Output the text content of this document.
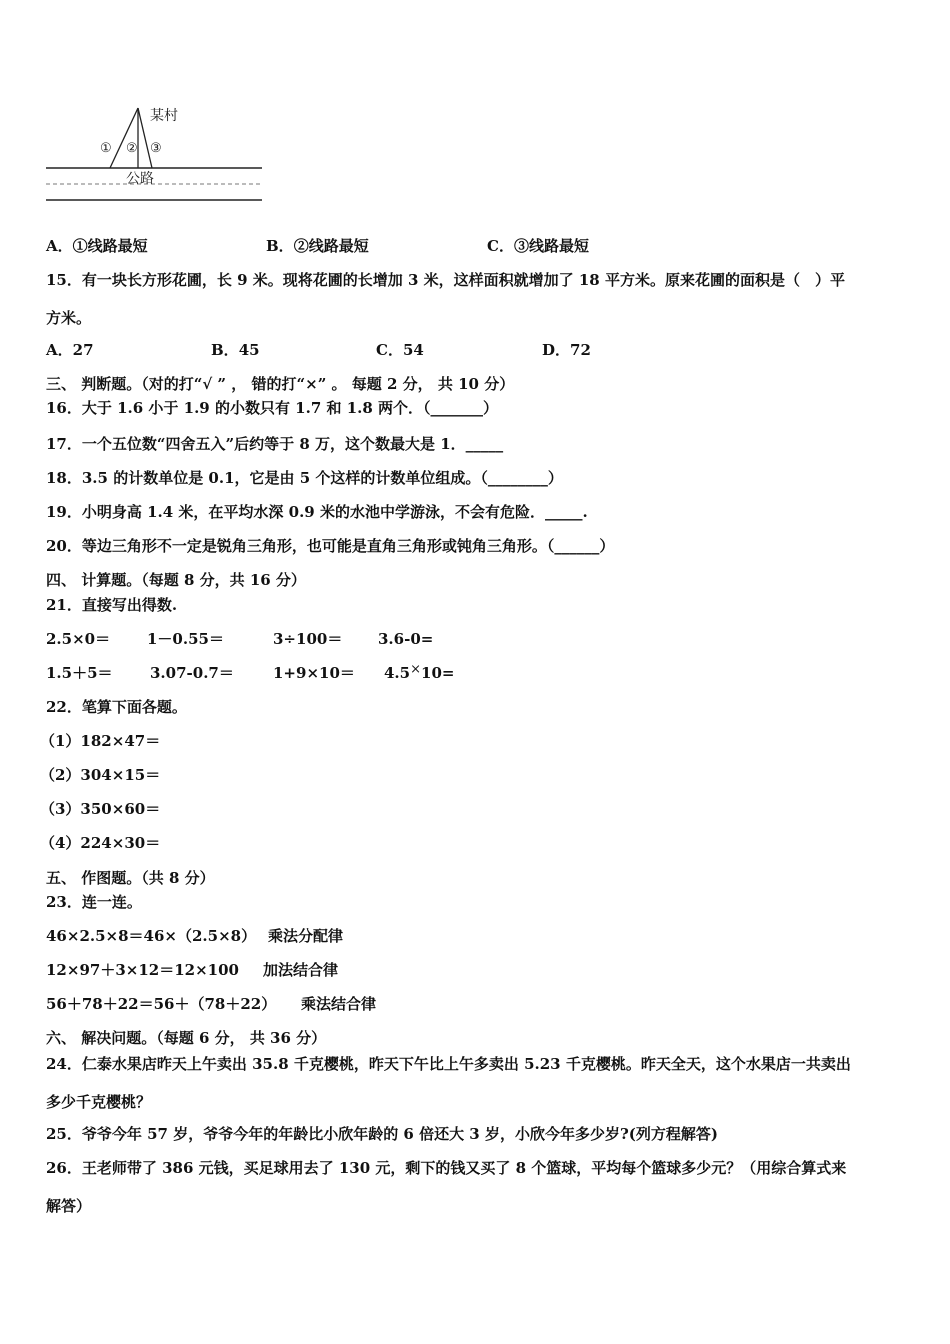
某村
① ② ③
公路
A．①线路最短	B．②线路最短	C．③线路最短
15．有一块长方形花圃，长 9 米。现将花圃的长增加 3 米，这样面积就增加了 18 平方米。原来花圃的面积是（　）平
方米。
A．27	B．45	C．54	D．72
三、 判断题。（对的打“√ ” ， 错的打“×” 。 每题 2 分， 共 10 分）
16．大于 1.6 小于 1.9 的小数只有 1.7 和 1.8 两个．（_______）
17．一个五位数“四舍五入”后约等于 8 万，这个数最大是 1．_____
18．3.5 的计数单位是 0.1，它是由 5 个这样的计数单位组成。（________）
19．小明身高 1.4 米，在平均水深 0.9 米的水池中学游泳，不会有危险．_____.
20．等边三角形不一定是锐角三角形，也可能是直角三角形或钝角三角形。（______）
四、 计算题。（每题 8 分，共 16 分）
21．直接写出得数.
2.5×0＝ 1－0.55＝	3÷100＝ 3.6-0=
1.5＋5＝ 3.07-0.7＝	1+9×10＝ 4.5×10=
22．笔算下面各题。
（1）182×47＝
（2）304×15＝
（3）350×60＝
（4）224×30＝
五、 作图题。（共 8 分）
23．连一连。
46×2.5×8＝46×（2.5×8） 乘法分配律
12×97＋3×12＝12×100 加法结合律
56＋78＋22＝56＋（78＋22） 乘法结合律
六、 解决问题。（每题 6 分， 共 36 分）
24．仁泰水果店昨天上午卖出 35.8 千克樱桃，昨天下午比上午多卖出 5.23 千克樱桃。昨天全天，这个水果店一共卖出
多少千克樱桃？
25．爷爷今年 57 岁，爷爷今年的年龄比小欣年龄的 6 倍还大 3 岁，小欣今年多少岁?(列方程解答)
26．王老师带了 386 元钱，买足球用去了 130 元，剩下的钱又买了 8 个篮球，平均每个篮球多少元？（用综合算式来
解答）
